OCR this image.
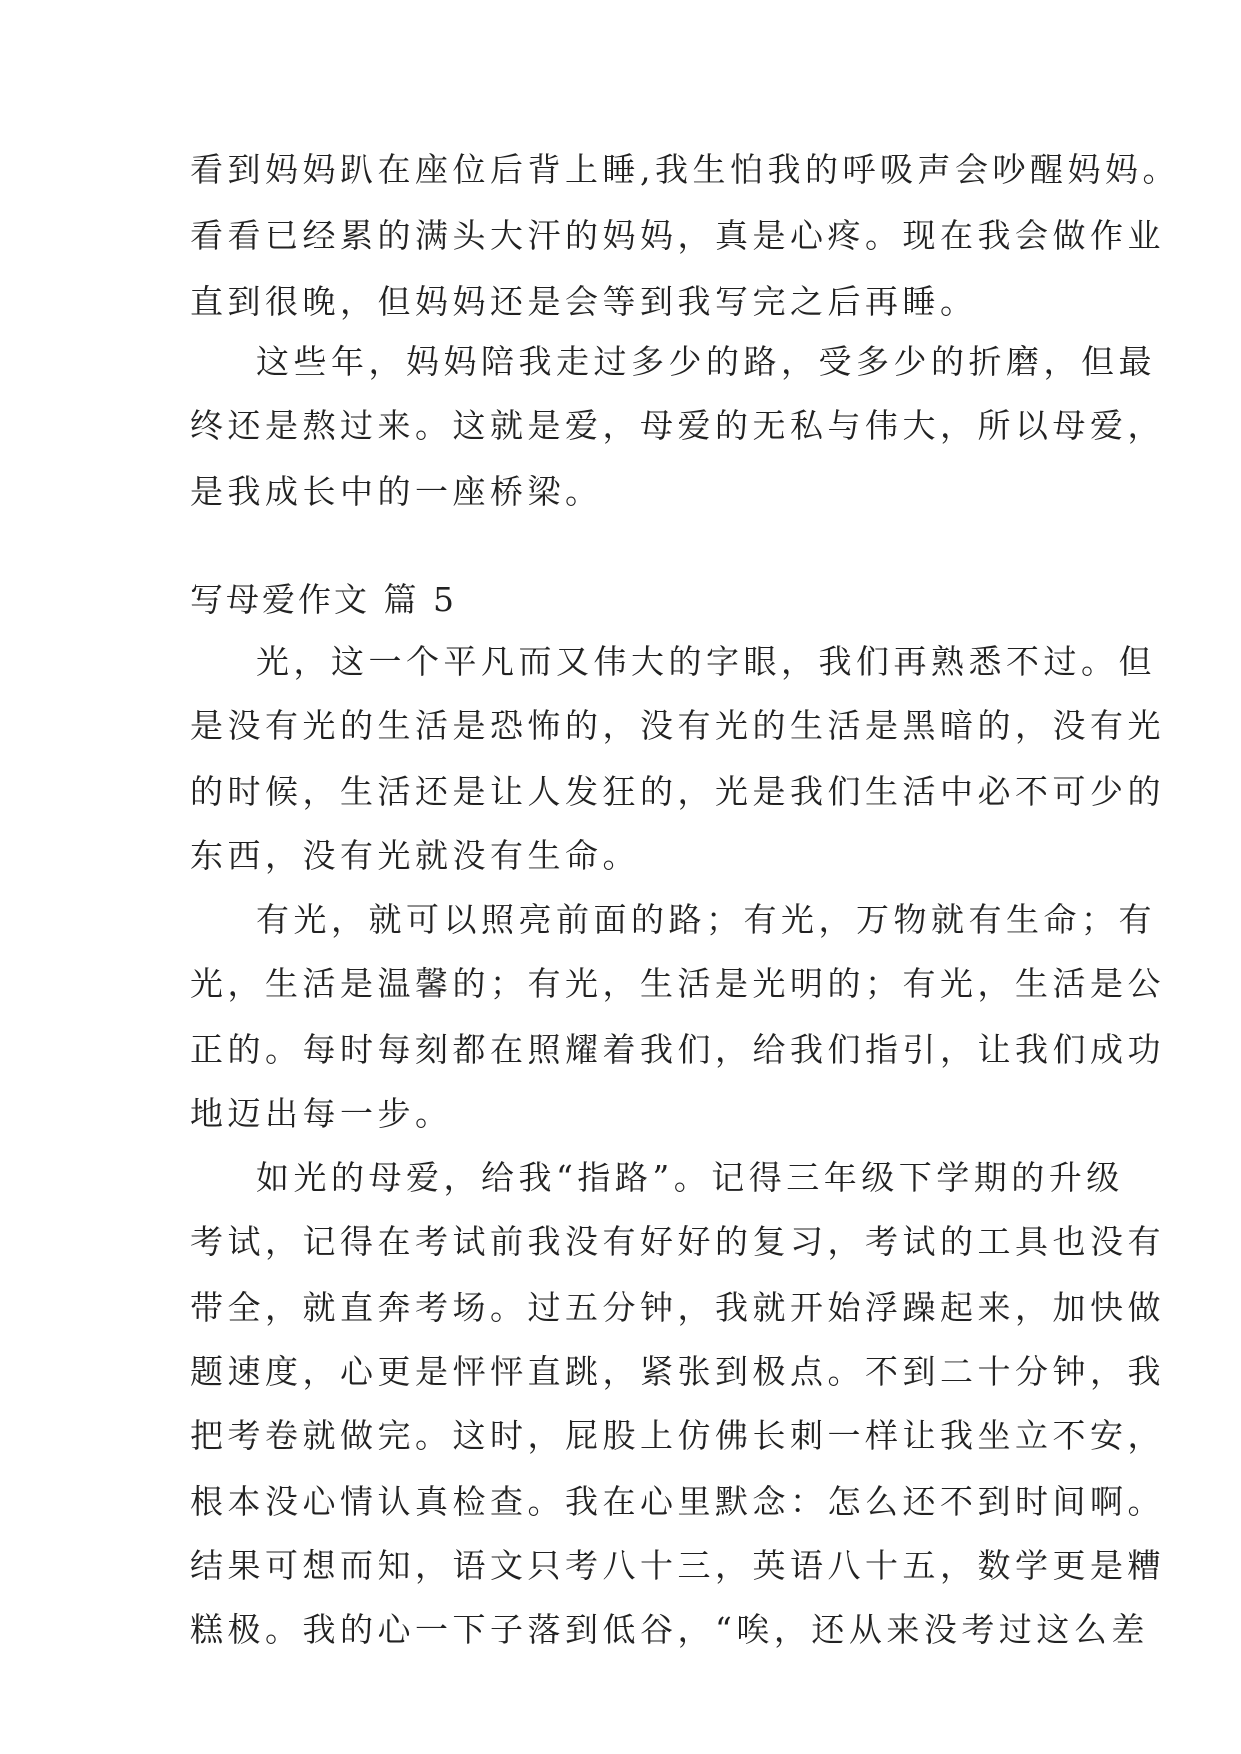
看到妈妈趴在座位后背上睡,我生怕我的呼吸声会吵醒妈妈。
看看已经累的满头大汗的妈妈，真是心疼。现在我会做作业
直到很晚，但妈妈还是会等到我写完之后再睡。
这些年，妈妈陪我走过多少的路，受多少的折磨，但最
终还是熬过来。这就是爱，母爱的无私与伟大，所以母爱，
是我成长中的一座桥梁。
写母爱作文 篇 5
光，这一个平凡而又伟大的字眼，我们再熟悉不过。但
是没有光的生活是恐怖的，没有光的生活是黑暗的，没有光
的时候，生活还是让人发狂的，光是我们生活中必不可少的
东西，没有光就没有生命。
有光，就可以照亮前面的路；有光，万物就有生命；有
光，生活是温馨的；有光，生活是光明的；有光，生活是公
正的。每时每刻都在照耀着我们，给我们指引，让我们成功
地迈出每一步。
如光的母爱，给我“指路”。记得三年级下学期的升级
考试，记得在考试前我没有好好的复习，考试的工具也没有
带全，就直奔考场。过五分钟，我就开始浮躁起来，加快做
题速度，心更是怦怦直跳，紧张到极点。不到二十分钟，我
把考卷就做完。这时，屁股上仿佛长刺一样让我坐立不安，
根本没心情认真检查。我在心里默念：怎么还不到时间啊。
结果可想而知，语文只考八十三，英语八十五，数学更是糟
糕极。我的心一下子落到低谷，“唉，还从来没考过这么差
